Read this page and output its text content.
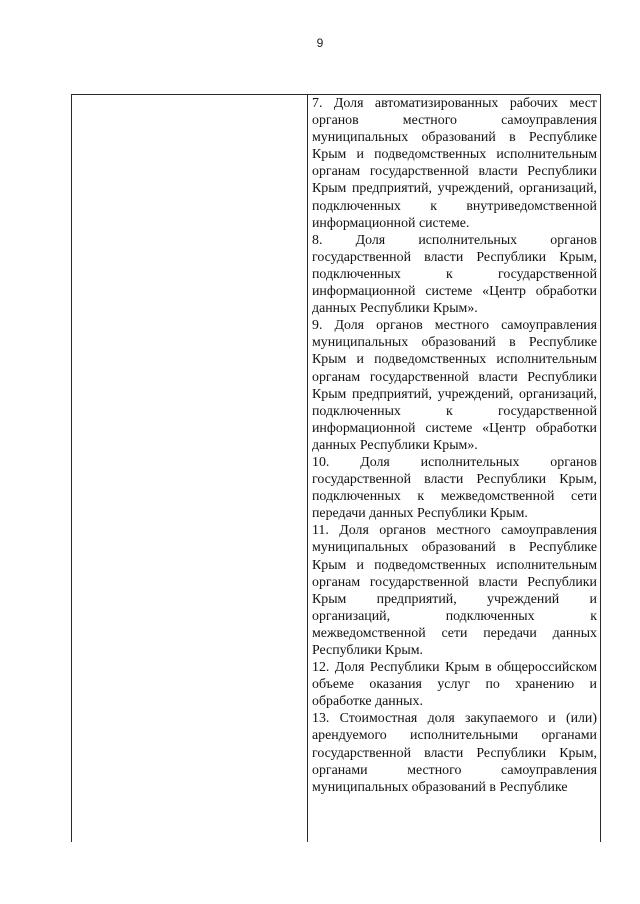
9

7. Доля автоматизированных рабочих мест органов местного самоуправления муниципальных образований в Республике Крым и подведомственных исполнительным органам государственной власти Республики Крым предприятий, учреждений, организаций, подключенных к внутриведомственной информационной системе.

8. Доля исполнительных органов государственной власти Республики Крым, подключенных к государственной информационной системе «Центр обработки данных Республики Крым».

9. Доля органов местного самоуправления муниципальных образований в Республике Крым и подведомственных исполнительным органам государственной власти Республики Крым предприятий, учреждений, организаций, подключенных к государственной информационной системе «Центр обработки данных Республики Крым».

10. Доля исполнительных органов государственной власти Республики Крым, подключенных к межведомственной сети передачи данных Республики Крым.

11. Доля органов местного самоуправления муниципальных образований в Республике Крым и подведомственных исполнительным органам государственной власти Республики Крым предприятий, учреждений и организаций, подключенных к межведомственной сети передачи данных Республики Крым.

12. Доля Республики Крым в общероссийском объеме оказания услуг по хранению и обработке данных.

13. Стоимостная доля закупаемого и (или) арендуемого исполнительными органами государственной власти Республики Крым, органами местного самоуправления муниципальных образований в Республике
